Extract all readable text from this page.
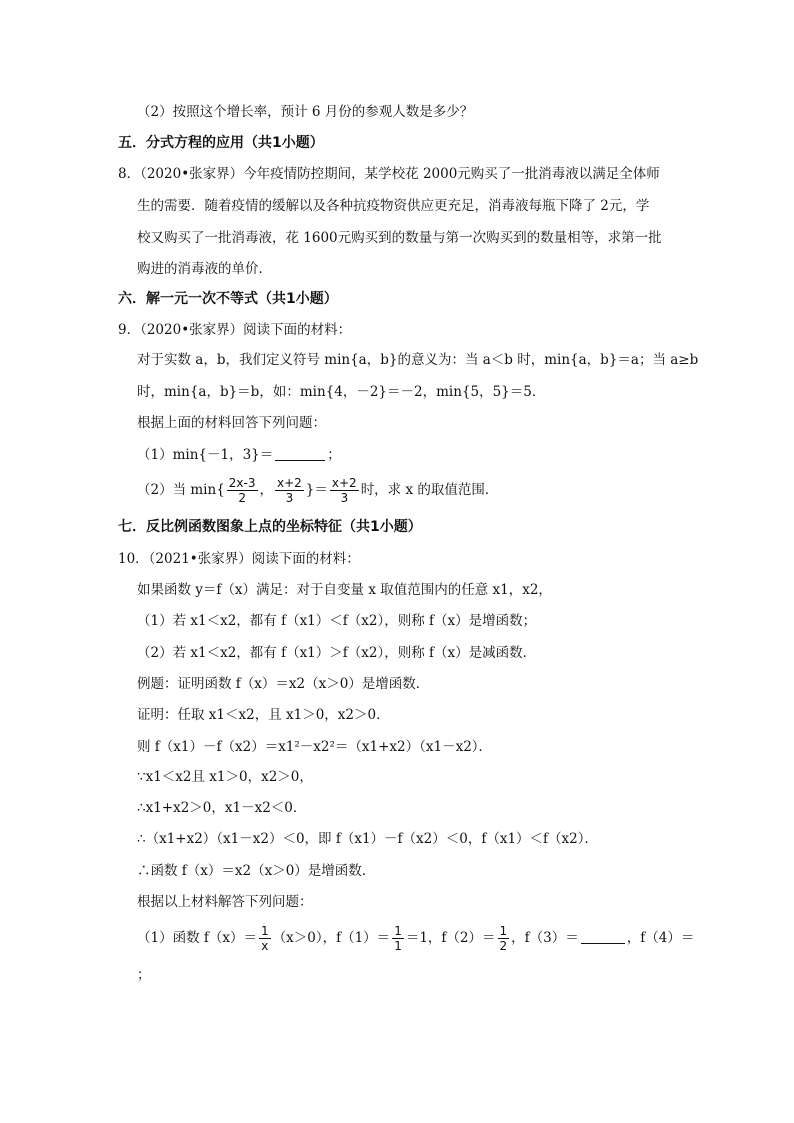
（2）按照这个增长率，预计 6 月份的参观人数是多少？
五．分式方程的应用（共1小题）
8．（2020•张家界）今年疫情防控期间，某学校花 2000元购买了一批消毒液以满足全体师
生的需要．随着疫情的缓解以及各种抗疫物资供应更充足，消毒液每瓶下降了 2元，学
校又购买了一批消毒液，花 1600元购买到的数量与第一次购买到的数量相等，求第一批
购进的消毒液的单价．
六．解一元一次不等式（共1小题）
9．（2020•张家界）阅读下面的材料：
对于实数 a，b，我们定义符号 min{a，b}的意义为：当 a＜b 时，min{a，b}＝a；当 a≥b
时，min{a，b}＝b，如：min{4，－2}＝－2，min{5，5}＝5．
根据上面的材料回答下列问题：
（1）min{－1，3}＝	；
（2）当 $\min\{ \frac{2x-3}{2}$ ， $\frac{x+2}{3}$ }＝ $\frac{x+2}{3}$ 时，求 x 的取值范围．
七．反比例函数图象上点的坐标特征（共1小题）
10．（2021•张家界）阅读下面的材料：
如果函数 y＝f（x）满足：对于自变量 x 取值范围内的任意 x1，x2，
（1）若 x1＜x2，都有 f（x1）＜f（x2），则称 f（x）是增函数；
（2）若 x1＜x2，都有 f（x1）＞f（x2），则称 f（x）是减函数．
例题：证明函数 f（x）＝x2（x＞0）是增函数．
证明：任取 x1＜x2，且 x1＞0，x2＞0．
则 f（x1）－f（x2）＝x1²－x2²＝（x1+x2）（x1－x2）．
∵x1＜x2且 x1＞0，x2＞0，
∴x1+x2＞0，x1－x2＜0．
∴（x1+x2）（x1－x2）＜0，即 f（x1）－f（x2）＜0，f（x1）＜f（x2）．
∴函数 f（x）＝x2（x＞0）是增函数．
根据以上材料解答下列问题：
（1）函数 $f(x)= \frac{1}{x} (x>0)$，$f(1)= \frac{1}{1} =1$，$f(2)= \frac{1}{2}$ ，f（3）＝	，f（4）＝
；
